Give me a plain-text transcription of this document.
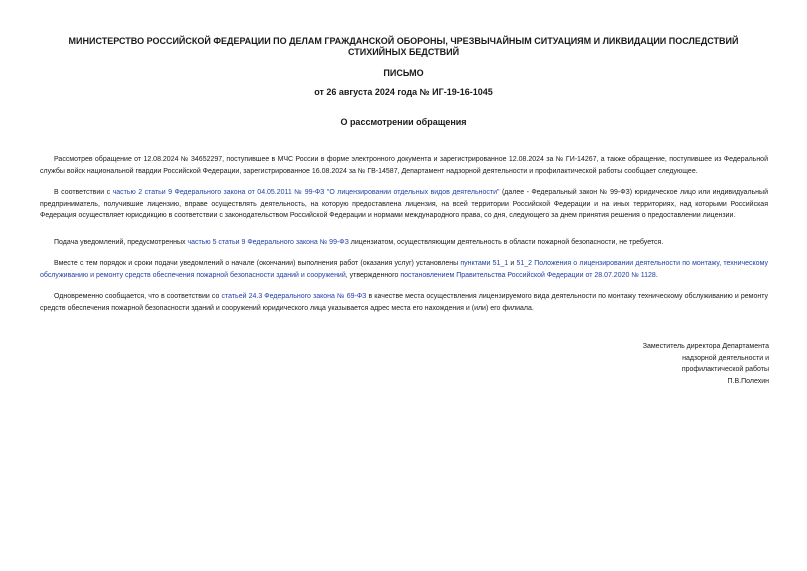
МИНИСТЕРСТВО РОССИЙСКОЙ ФЕДЕРАЦИИ ПО ДЕЛАМ ГРАЖДАНСКОЙ ОБОРОНЫ, ЧРЕЗВЫЧАЙНЫМ СИТУАЦИЯМ И ЛИКВИДАЦИИ ПОСЛЕДСТВИЙ СТИХИЙНЫХ БЕДСТВИЙ
ПИСЬМО
от 26 августа 2024 года № ИГ-19-16-1045
О рассмотрении обращения

Рассмотрев обращение от 12.08.2024 № 34652297, поступившее в МЧС России в форме электронного документа и зарегистрированное 12.08.2024 за № ГИ-14267, а также обращение, поступившее из Федеральной службы войск национальной гвардии Российской Федерации, зарегистрированное 16.08.2024 за № ГВ-14587, Департамент надзорной деятельности и профилактической работы сообщает следующее.

В соответствии с частью 2 статьи 9 Федерального закона от 04.05.2011 № 99-ФЗ "О лицензировании отдельных видов деятельности" (далее - Федеральный закон № 99-ФЗ) юридическое лицо или индивидуальный предприниматель, получившие лицензию, вправе осуществлять деятельность, на которую предоставлена лицензия, на всей территории Российской Федерации и на иных территориях, над которыми Российская Федерация осуществляет юрисдикцию в соответствии с законодательством Российской Федерации и нормами международного права, со дня, следующего за днем принятия решения о предоставлении лицензии.

Подача уведомлений, предусмотренных частью 5 статьи 9 Федерального закона № 99-ФЗ лицензиатом, осуществляющим деятельность в области пожарной безопасности, не требуется.

Вместе с тем порядок и сроки подачи уведомлений о начале (окончании) выполнения работ (оказания услуг) установлены пунктами 51_1 и 51_2 Положения о лицензировании деятельности по монтажу, техническому обслуживанию и ремонту средств обеспечения пожарной безопасности зданий и сооружений, утвержденного постановлением Правительства Российской Федерации от 28.07.2020 № 1128.

Одновременно сообщается, что в соответствии со статьей 24.3 Федерального закона № 69-ФЗ в качестве места осуществления лицензируемого вида деятельности по монтажу техническому обслуживанию и ремонту средств обеспечения пожарной безопасности зданий и сооружений юридического лица указывается адрес места его нахождения и (или) его филиала.

Заместитель директора Департамента
надзорной деятельности и
профилактической работы
П.В.Полехин
